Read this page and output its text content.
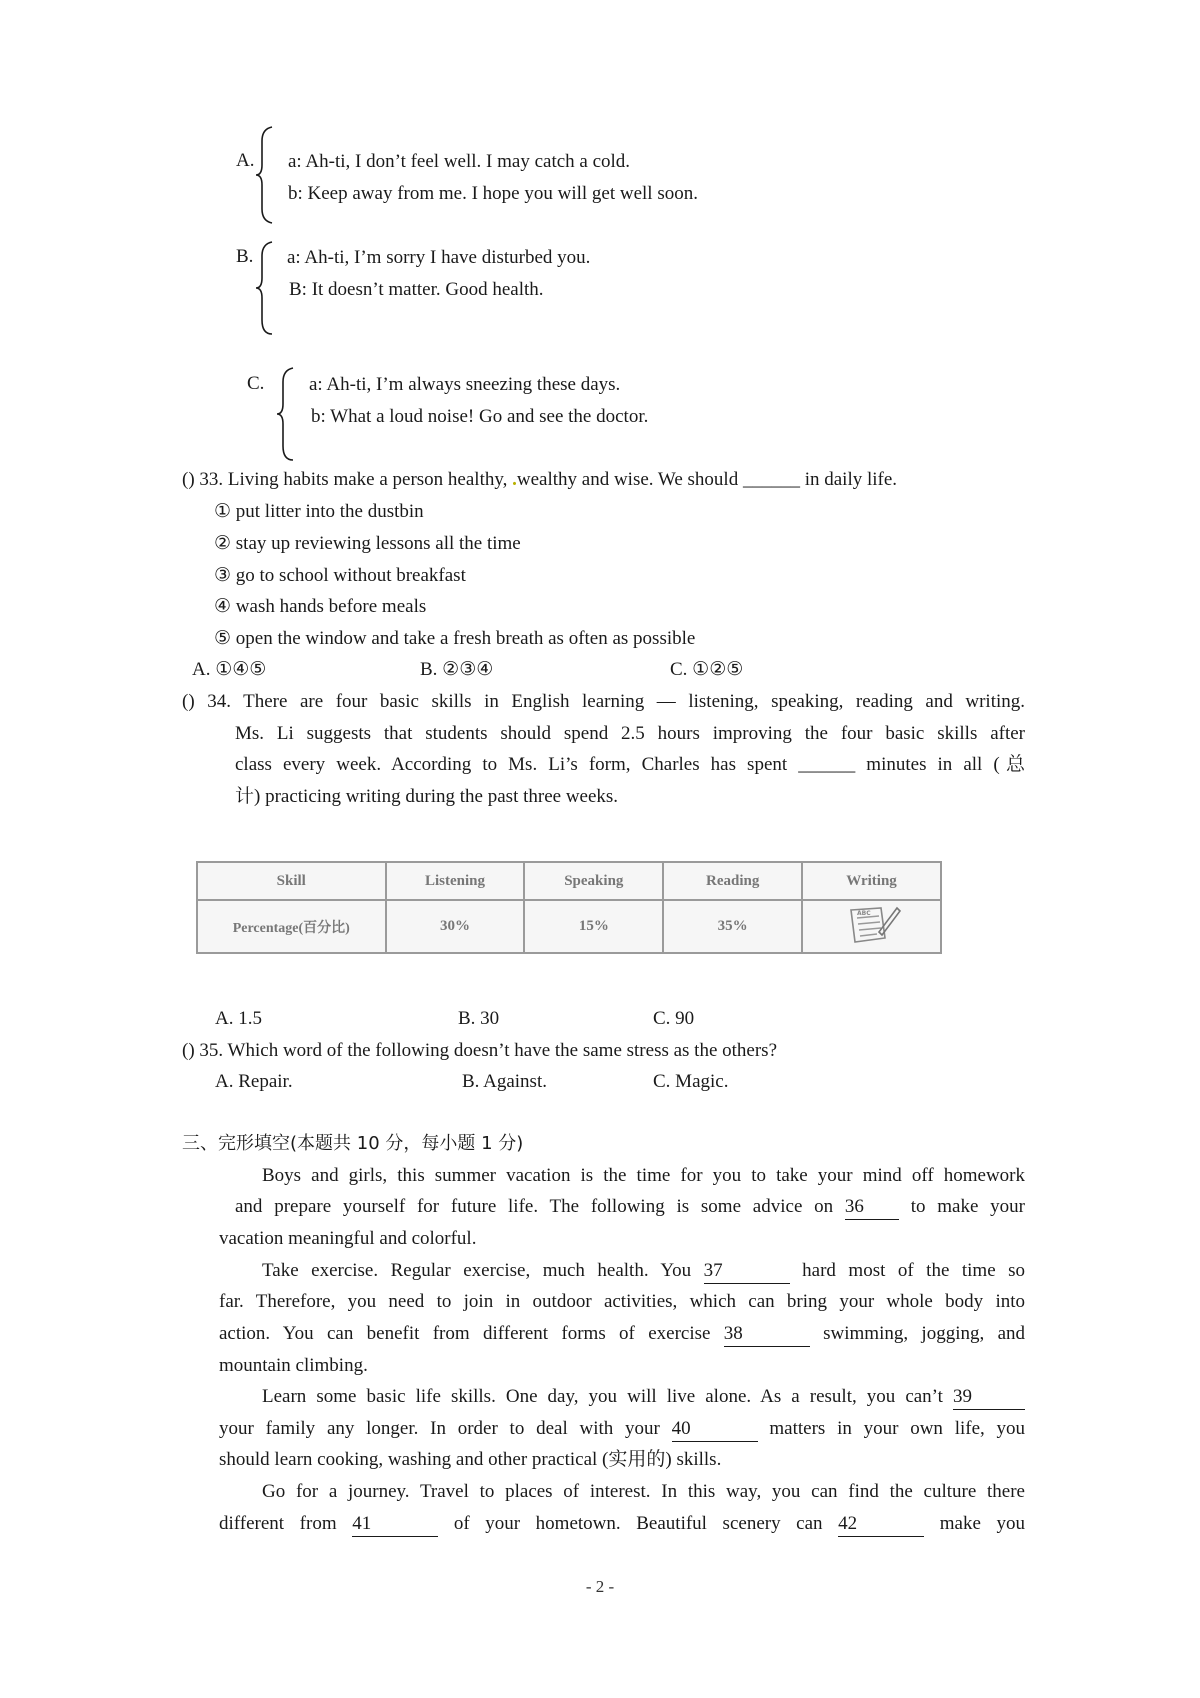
A. a: Ah-ti, I don’t feel well. I may catch a cold.
b: Keep away from me. I hope you will get well soon.
B. a: Ah-ti, I’m sorry I have disturbed you.
B: It doesn’t matter. Good health.
C. a: Ah-ti, I’m always sneezing these days.
b: What a loud noise! Go and see the doctor.
() 33. Living habits make a person healthy, .wealthy and wise. We should ______ in daily life.
① put litter into the dustbin
② stay up reviewing lessons all the time
③ go to school without breakfast
④ wash hands before meals
⑤ open the window and take a fresh breath as often as possible
A. ①④⑤	B. ②③④	C. ①②⑤
() 34. There are four basic skills in English learning — listening, speaking, reading and writing.
Ms. Li suggests that students should spend 2.5 hours improving the four basic skills after
class every week. According to Ms. Li’s form, Charles has spent ______ minutes in all (总
计) practicing writing during the past three weeks.
Skill	Listening	Speaking	Reading	Writing
Percentage(百分比)	30%	15%	35%	ABC
A. 1.5	B. 30	C. 90
() 35. Which word of the following doesn’t have the same stress as the others?
A. Repair.	B. Against.	C. Magic.
三、完形填空(本题共 10 分，每小题 1 分)
Boys and girls, this summer vacation is the time for you to take your mind off homework
and prepare yourself for future life. The following is some advice on 36 to make your
vacation meaningful and colorful.
Take exercise. Regular exercise, much health. You 37	hard most of the time so
far. Therefore, you need to join in outdoor activities, which can bring your whole body into
action. You can benefit from different forms of exercise 38	swimming, jogging, and
mountain climbing.
Learn some basic life skills. One day, you will live alone. As a result, you can’t 39
your family any longer. In order to deal with your 40	matters in your own life, you
should learn cooking, washing and other practical (实用的) skills.
Go for a journey. Travel to places of interest. In this way, you can find the culture there
different from 41	of your hometown. Beautiful scenery can 42	make you
- 2 -
